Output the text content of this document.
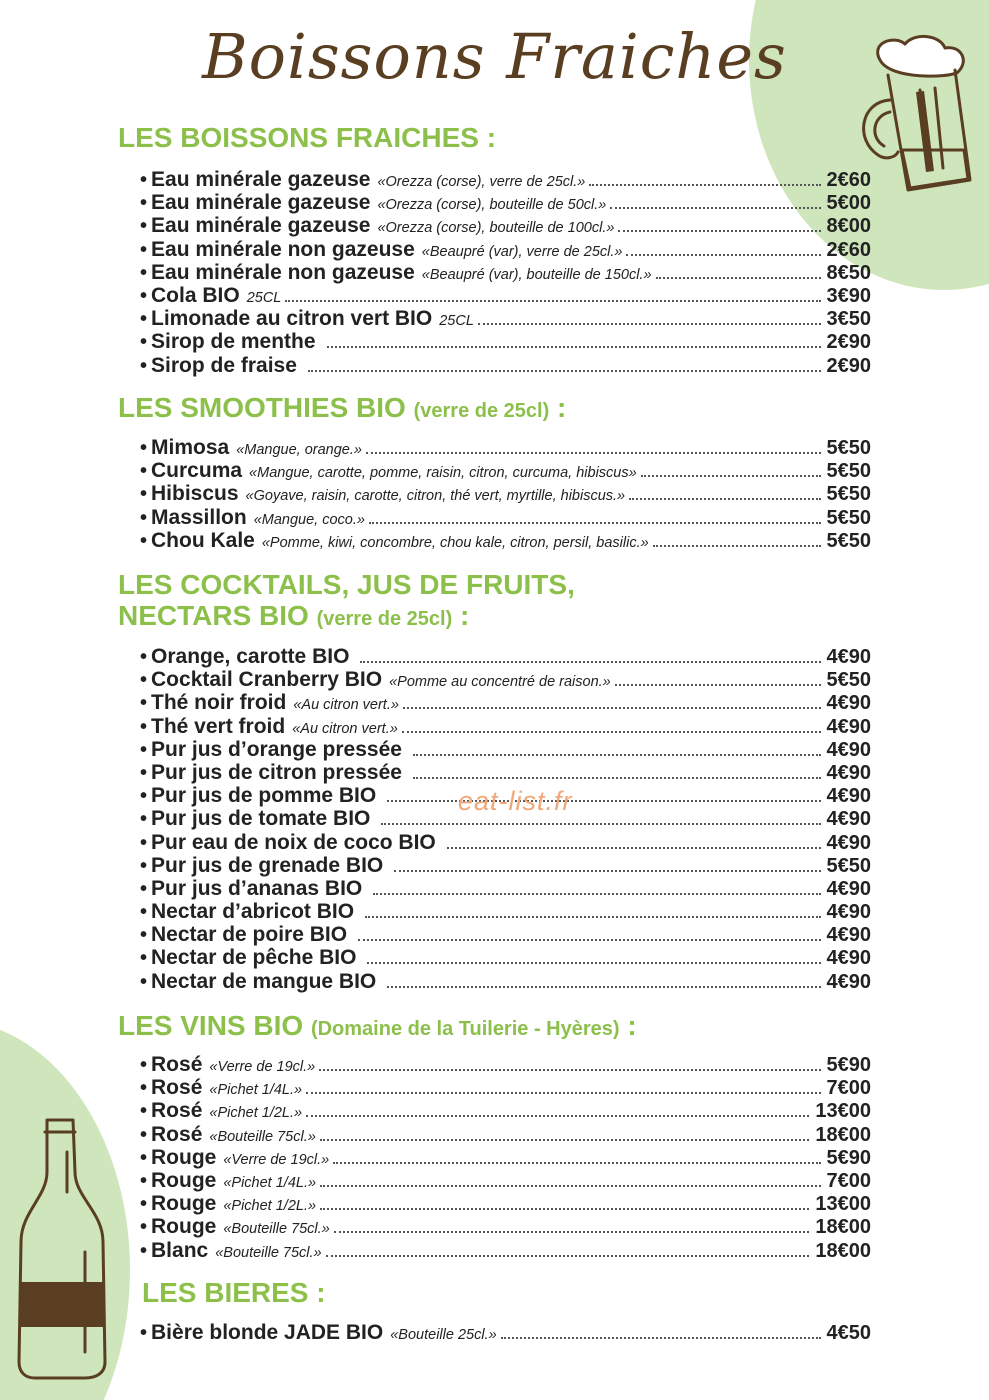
Boissons Fraiches
LES BOISSONS FRAICHES :
• Eau minérale gazeuse «Orezza (corse), verre de 25cl.»	2€60
• Eau minérale gazeuse «Orezza (corse), bouteille de 50cl.»	5€00
• Eau minérale gazeuse «Orezza (corse), bouteille de 100cl.»	8€00
• Eau minérale non gazeuse «Beaupré (var), verre de 25cl.»	2€60
• Eau minérale non gazeuse «Beaupré (var), bouteille de 150cl.»	8€50
• Cola BIO 25CL	3€90
• Limonade au citron vert BIO 25CL	3€50
• Sirop de menthe	2€90
• Sirop de fraise	2€90
LES SMOOTHIES BIO (verre de 25cl) :
• Mimosa «Mangue, orange.»	5€50
• Curcuma «Mangue, carotte, pomme, raisin, citron, curcuma, hibiscus»	5€50
• Hibiscus «Goyave, raisin, carotte, citron, thé vert, myrtille, hibiscus.»	5€50
• Massillon «Mangue, coco.»	5€50
• Chou Kale «Pomme, kiwi, concombre, chou kale, citron, persil, basilic.»	5€50
LES COCKTAILS, JUS DE FRUITS,
NECTARS BIO (verre de 25cl) :
• Orange, carotte BIO	4€90
• Cocktail Cranberry BIO «Pomme au concentré de raison.»	5€50
• Thé noir froid «Au citron vert.»	4€90
• Thé vert froid «Au citron vert.»	4€90
• Pur jus d’orange pressée	4€90
• Pur jus de citron pressée	4€90
• Pur jus de pomme BIO	4€90
• Pur jus de tomate BIO	4€90
• Pur eau de noix de coco BIO	4€90
• Pur jus de grenade BIO	5€50
• Pur jus d’ananas BIO	4€90
• Nectar d’abricot BIO	4€90
• Nectar de poire BIO	4€90
• Nectar de pêche BIO	4€90
• Nectar de mangue BIO	4€90
LES VINS BIO (Domaine de la Tuilerie - Hyères) :
• Rosé «Verre de 19cl.»	5€90
• Rosé «Pichet 1/4L.»	7€00
• Rosé «Pichet 1/2L.»	13€00
• Rosé «Bouteille 75cl.»	18€00
• Rouge «Verre de 19cl.»	5€90
• Rouge «Pichet 1/4L.»	7€00
• Rouge «Pichet 1/2L.»	13€00
• Rouge «Bouteille 75cl.»	18€00
• Blanc «Bouteille 75cl.»	18€00
LES BIERES :
• Bière blonde JADE BIO «Bouteille 25cl.»	4€50
eat-list.fr
